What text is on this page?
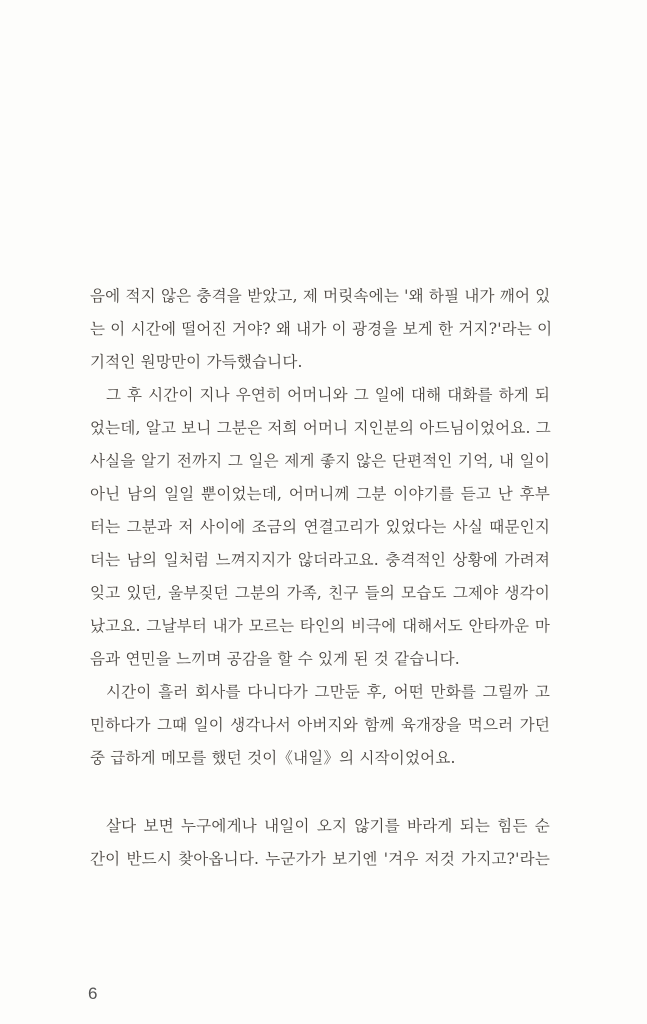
음에 적지 않은 충격을 받았고, 제 머릿속에는 '왜 하필 내가 깨어 있
는 이 시간에 떨어진 거야? 왜 내가 이 광경을 보게 한 거지?'라는 이
기적인 원망만이 가득했습니다.
그 후 시간이 지나 우연히 어머니와 그 일에 대해 대화를 하게 되
었는데, 알고 보니 그분은 저희 어머니 지인분의 아드님이었어요. 그
사실을 알기 전까지 그 일은 제게 좋지 않은 단편적인 기억, 내 일이
아닌 남의 일일 뿐이었는데, 어머니께 그분 이야기를 듣고 난 후부
터는 그분과 저 사이에 조금의 연결고리가 있었다는 사실 때문인지
더는 남의 일처럼 느껴지지가 않더라고요. 충격적인 상황에 가려져
잊고 있던, 울부짖던 그분의 가족, 친구 들의 모습도 그제야 생각이
났고요. 그날부터 내가 모르는 타인의 비극에 대해서도 안타까운 마
음과 연민을 느끼며 공감을 할 수 있게 된 것 같습니다.
시간이 흘러 회사를 다니다가 그만둔 후, 어떤 만화를 그릴까 고
민하다가 그때 일이 생각나서 아버지와 함께 육개장을 먹으러 가던
중 급하게 메모를 했던 것이《내일》의 시작이었어요.
살다 보면 누구에게나 내일이 오지 않기를 바라게 되는 힘든 순
간이 반드시 찾아옵니다. 누군가가 보기엔 '겨우 저것 가지고?'라는
6
